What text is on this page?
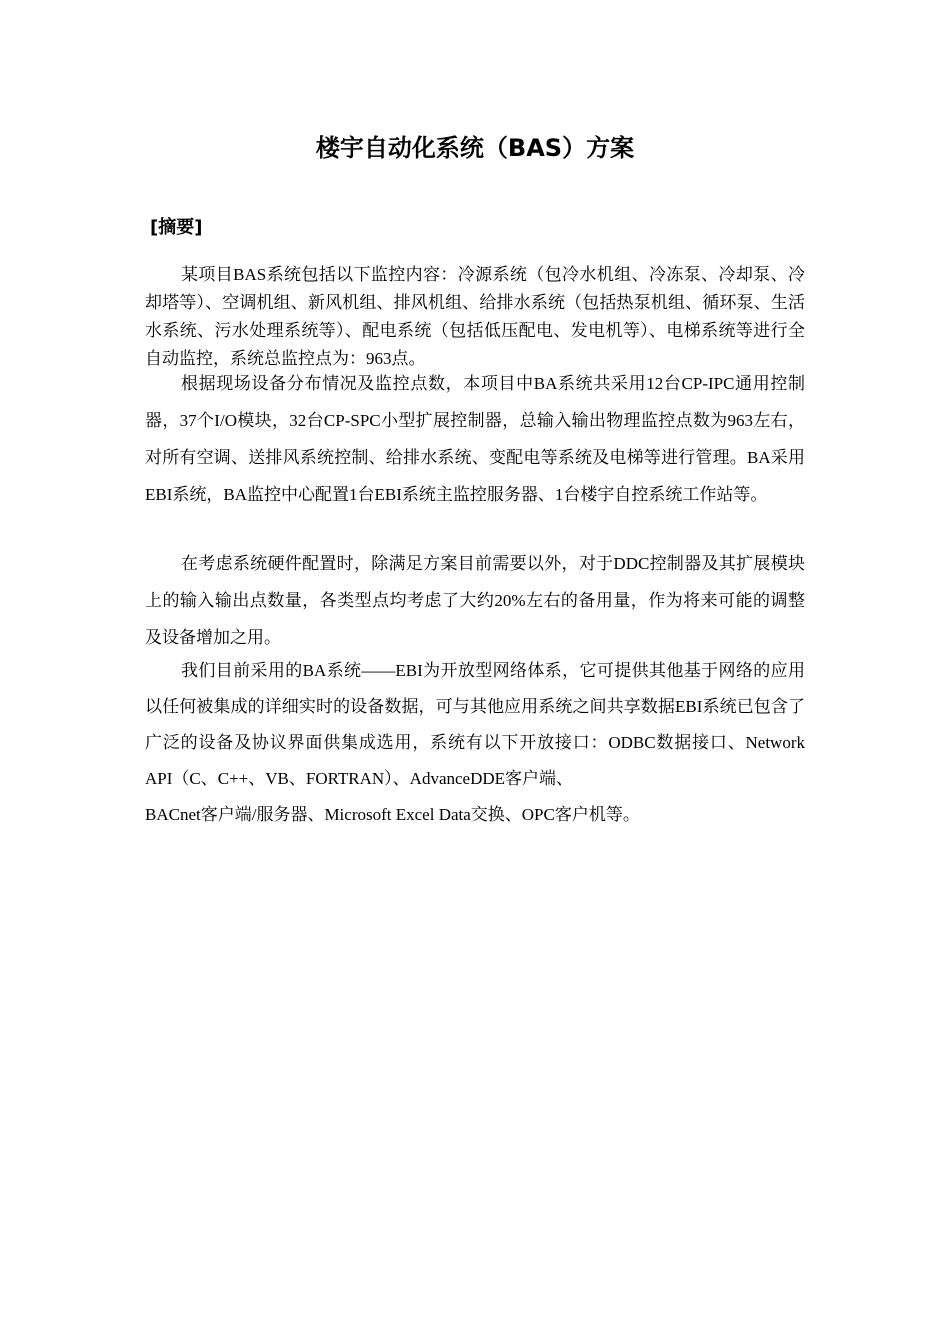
楼宇自动化系统（BAS）方案
[摘要]

某项目BAS系统包括以下监控内容：冷源系统（包冷水机组、冷冻泵、冷却泵、冷却塔等）、空调机组、新风机组、排风机组、给排水系统（包括热泵机组、循环泵、生活水系统、污水处理系统等）、配电系统（包括低压配电、发电机等）、电梯系统等进行全自动监控，系统总监控点为：963点。

根据现场设备分布情况及监控点数，本项目中BA系统共采用12台CP-IPC通用控制器，37个I/O模块，32台CP-SPC小型扩展控制器，总输入输出物理监控点数为963左右，对所有空调、送排风系统控制、给排水系统、变配电等系统及电梯等进行管理。BA采用EBI系统，BA监控中心配置1台EBI系统主监控服务器、1台楼宇自控系统工作站等。

在考虑系统硬件配置时，除满足方案目前需要以外，对于DDC控制器及其扩展模块上的输入输出点数量，各类型点均考虑了大约20%左右的备用量，作为将来可能的调整及设备增加之用。

我们目前采用的BA系统——EBI为开放型网络体系，它可提供其他基于网络的应用以任何被集成的详细实时的设备数据，可与其他应用系统之间共享数据EBI系统已包含了广泛的设备及协议界面供集成选用，系统有以下开放接口：ODBC数据接口、Network API（C、C++、VB、FORTRAN）、AdvanceDDE客户端、
BACnet客户端/服务器、Microsoft Excel Data交换、OPC客户机等。
